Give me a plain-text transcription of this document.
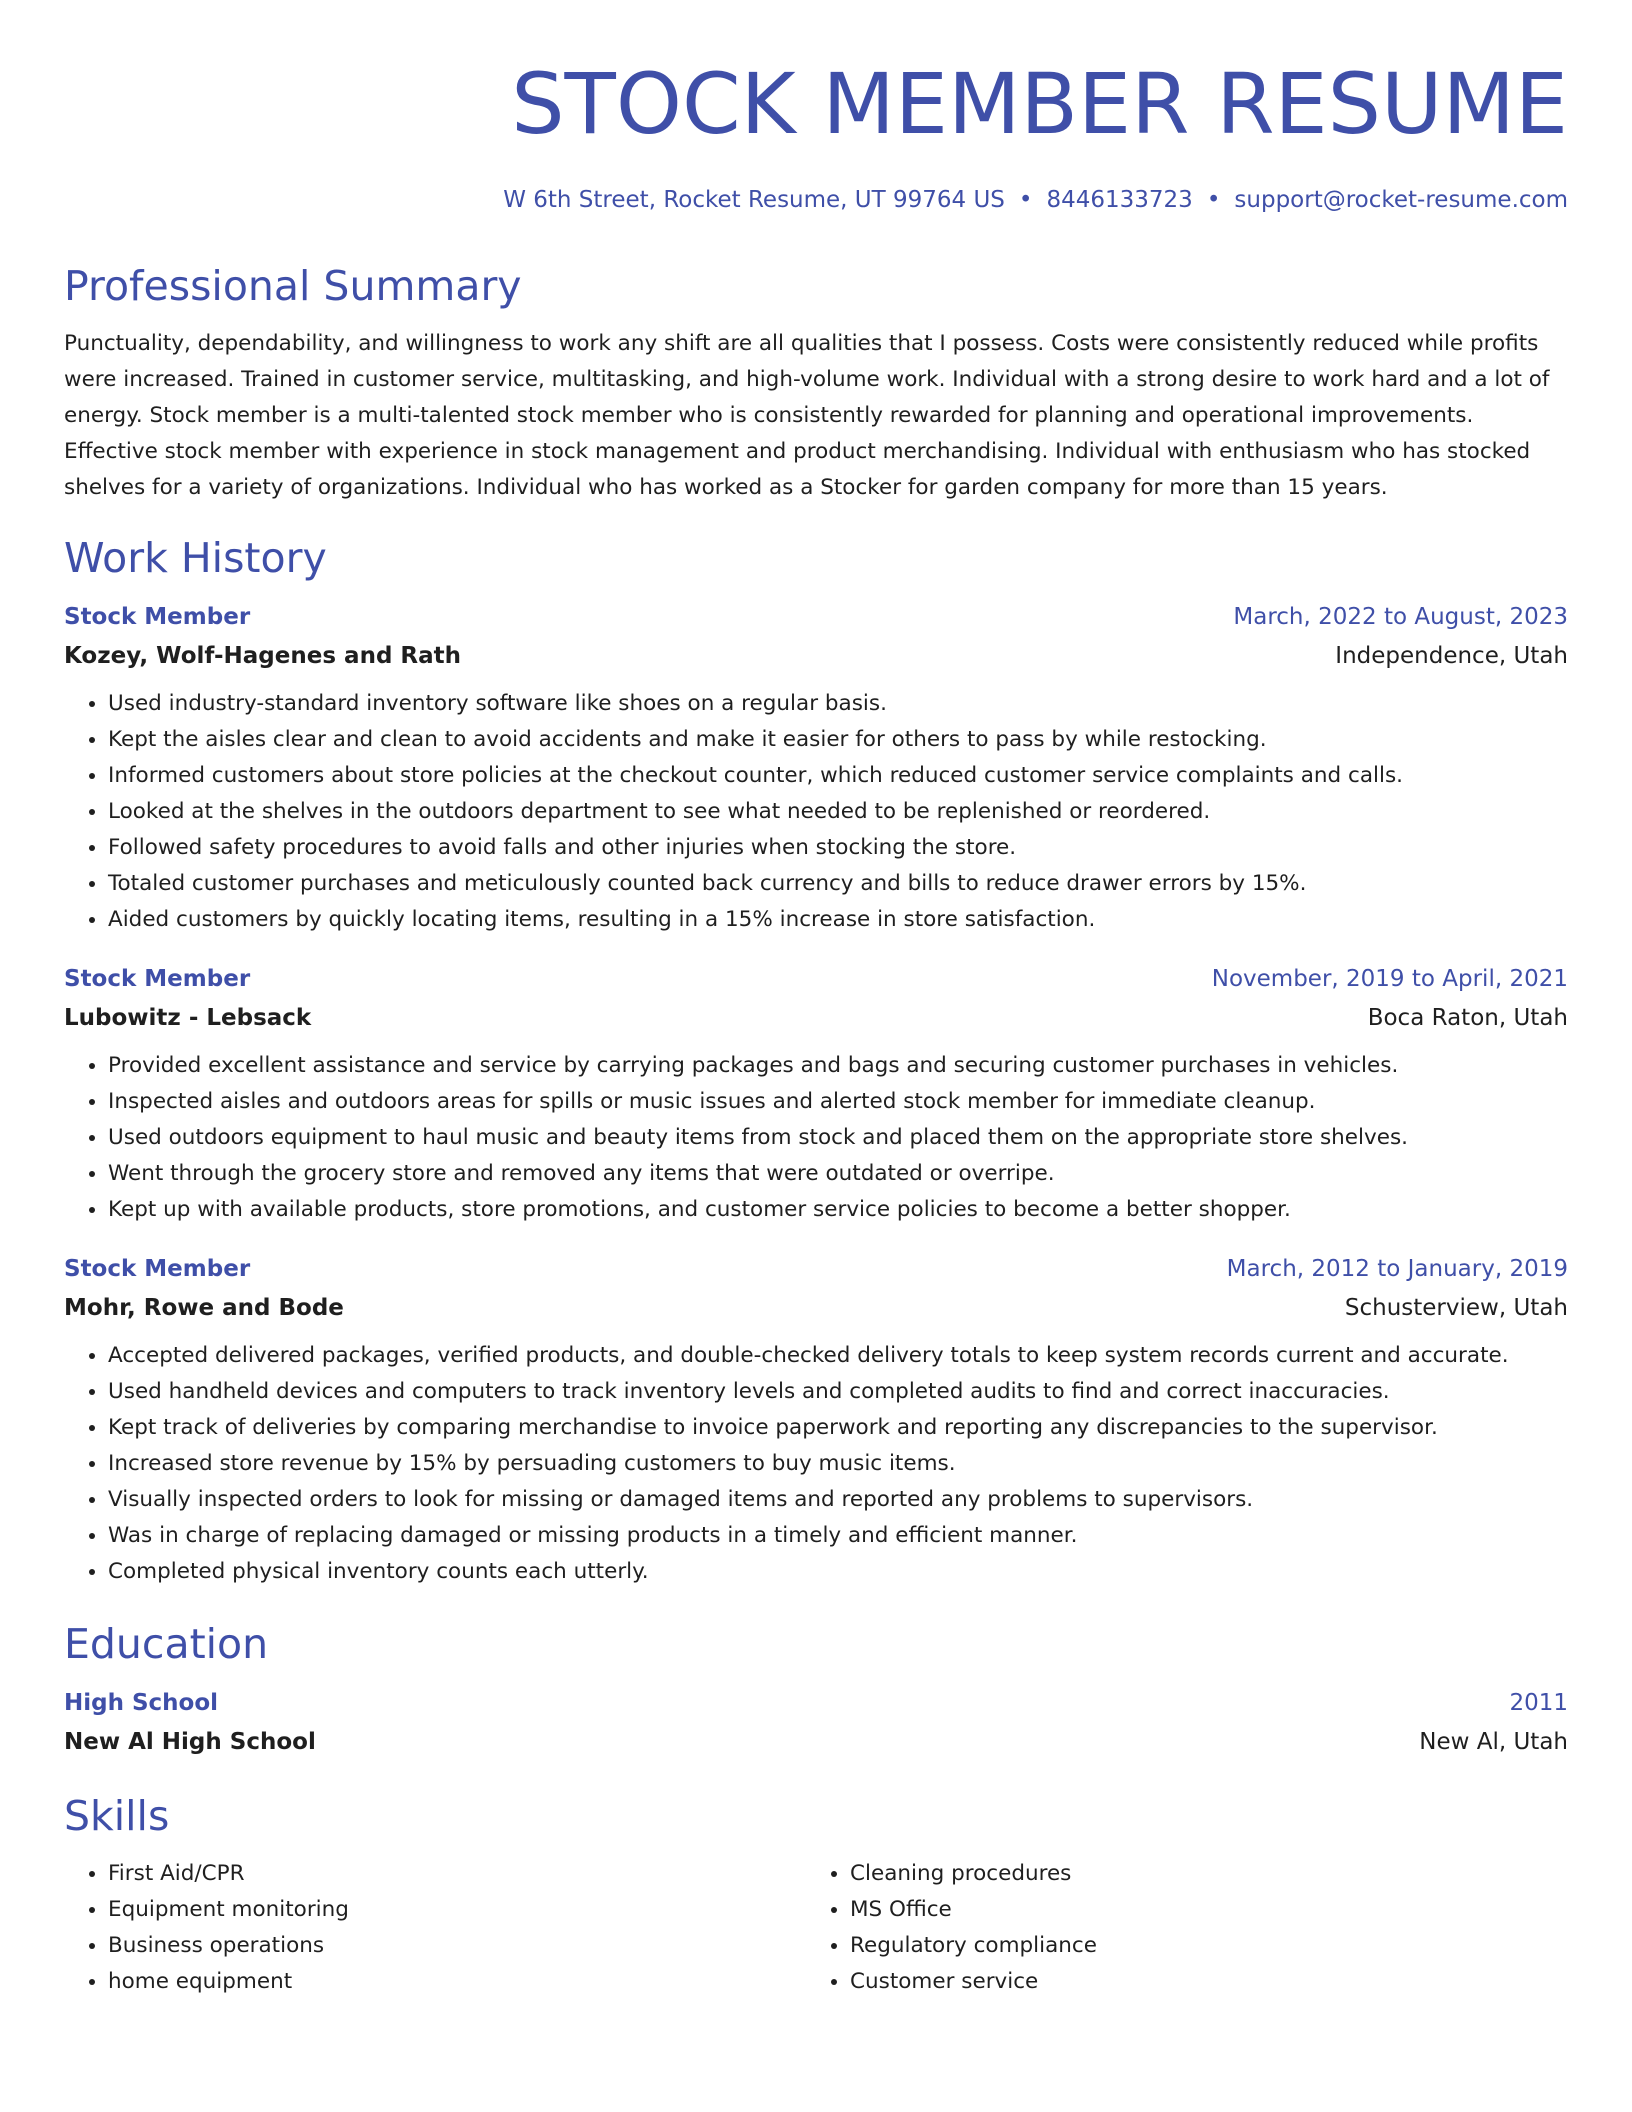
STOCK MEMBER RESUME
W 6th Street, Rocket Resume, UT 99764 US • 8446133723 • support@rocket-resume.com
Professional Summary
Punctuality, dependability, and willingness to work any shift are all qualities that I possess. Costs were consistently reduced while profits were increased. Trained in customer service, multitasking, and high-volume work. Individual with a strong desire to work hard and a lot of energy. Stock member is a multi-talented stock member who is consistently rewarded for planning and operational improvements. Effective stock member with experience in stock management and product merchandising. Individual with enthusiasm who has stocked shelves for a variety of organizations. Individual who has worked as a Stocker for garden company for more than 15 years.
Work History
Stock Member	March, 2022 to August, 2023
Kozey, Wolf-Hagenes and Rath	Independence, Utah
• Used industry-standard inventory software like shoes on a regular basis.
• Kept the aisles clear and clean to avoid accidents and make it easier for others to pass by while restocking.
• Informed customers about store policies at the checkout counter, which reduced customer service complaints and calls.
• Looked at the shelves in the outdoors department to see what needed to be replenished or reordered.
• Followed safety procedures to avoid falls and other injuries when stocking the store.
• Totaled customer purchases and meticulously counted back currency and bills to reduce drawer errors by 15%.
• Aided customers by quickly locating items, resulting in a 15% increase in store satisfaction.
Stock Member	November, 2019 to April, 2021
Lubowitz - Lebsack	Boca Raton, Utah
• Provided excellent assistance and service by carrying packages and bags and securing customer purchases in vehicles.
• Inspected aisles and outdoors areas for spills or music issues and alerted stock member for immediate cleanup.
• Used outdoors equipment to haul music and beauty items from stock and placed them on the appropriate store shelves.
• Went through the grocery store and removed any items that were outdated or overripe.
• Kept up with available products, store promotions, and customer service policies to become a better shopper.
Stock Member	March, 2012 to January, 2019
Mohr, Rowe and Bode	Schusterview, Utah
• Accepted delivered packages, verified products, and double-checked delivery totals to keep system records current and accurate.
• Used handheld devices and computers to track inventory levels and completed audits to find and correct inaccuracies.
• Kept track of deliveries by comparing merchandise to invoice paperwork and reporting any discrepancies to the supervisor.
• Increased store revenue by 15% by persuading customers to buy music items.
• Visually inspected orders to look for missing or damaged items and reported any problems to supervisors.
• Was in charge of replacing damaged or missing products in a timely and efficient manner.
• Completed physical inventory counts each utterly.
Education
High School	2011
New Al High School	New Al, Utah
Skills
• First Aid/CPR
• Equipment monitoring
• Business operations
• home equipment
• Cleaning procedures
• MS Office
• Regulatory compliance
• Customer service
